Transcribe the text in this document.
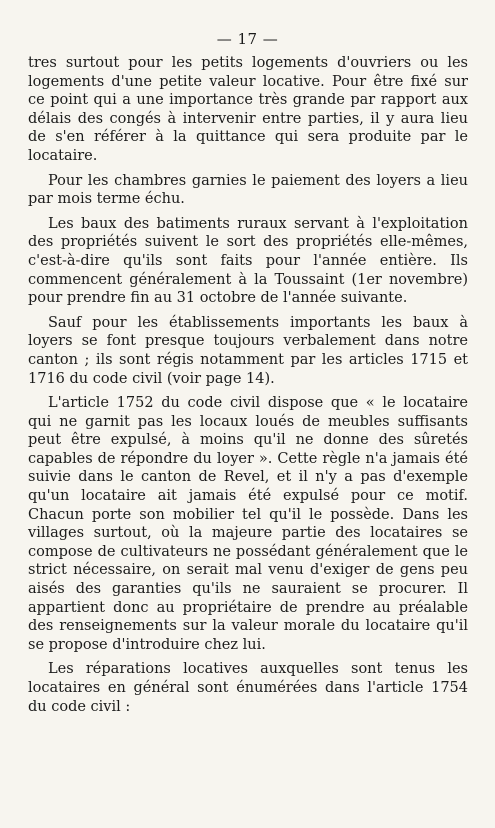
— 17 —

tres surtout pour les petits logements d'ouvriers ou les logements d'une petite valeur locative. Pour être fixé sur ce point qui a une importance très grande par rapport aux délais des congés à intervenir entre parties, il y aura lieu de s'en référer à la quittance qui sera produite par le locataire.

Pour les chambres garnies le paiement des loyers a lieu par mois terme échu.

Les baux des batiments ruraux servant à l'exploitation des propriétés suivent le sort des propriétés elle-mêmes, c'est-à-dire qu'ils sont faits pour l'année entière. Ils commencent généralement à la Toussaint (1er novembre) pour prendre fin au 31 octobre de l'année suivante.

Sauf pour les établissements importants les baux à loyers se font presque toujours verbalement dans notre canton ; ils sont régis notamment par les articles 1715 et 1716 du code civil (voir page 14).

L'article 1752 du code civil dispose que « le locataire qui ne garnit pas les locaux loués de meubles suffisants peut être expulsé, à moins qu'il ne donne des sûretés capables de répondre du loyer ». Cette règle n'a jamais été suivie dans le canton de Revel, et il n'y a pas d'exemple qu'un locataire ait jamais été expulsé pour ce motif. Chacun porte son mobilier tel qu'il le possède. Dans les villages surtout, où la majeure partie des locataires se compose de cultivateurs ne possédant généralement que le strict nécessaire, on serait mal venu d'exiger de gens peu aisés des garanties qu'ils ne sauraient se procurer. Il appartient donc au propriétaire de prendre au préalable des renseignements sur la valeur morale du locataire qu'il se propose d'introduire chez lui.

Les réparations locatives auxquelles sont tenus les locataires en général sont énumérées dans l'article 1754 du code civil :
